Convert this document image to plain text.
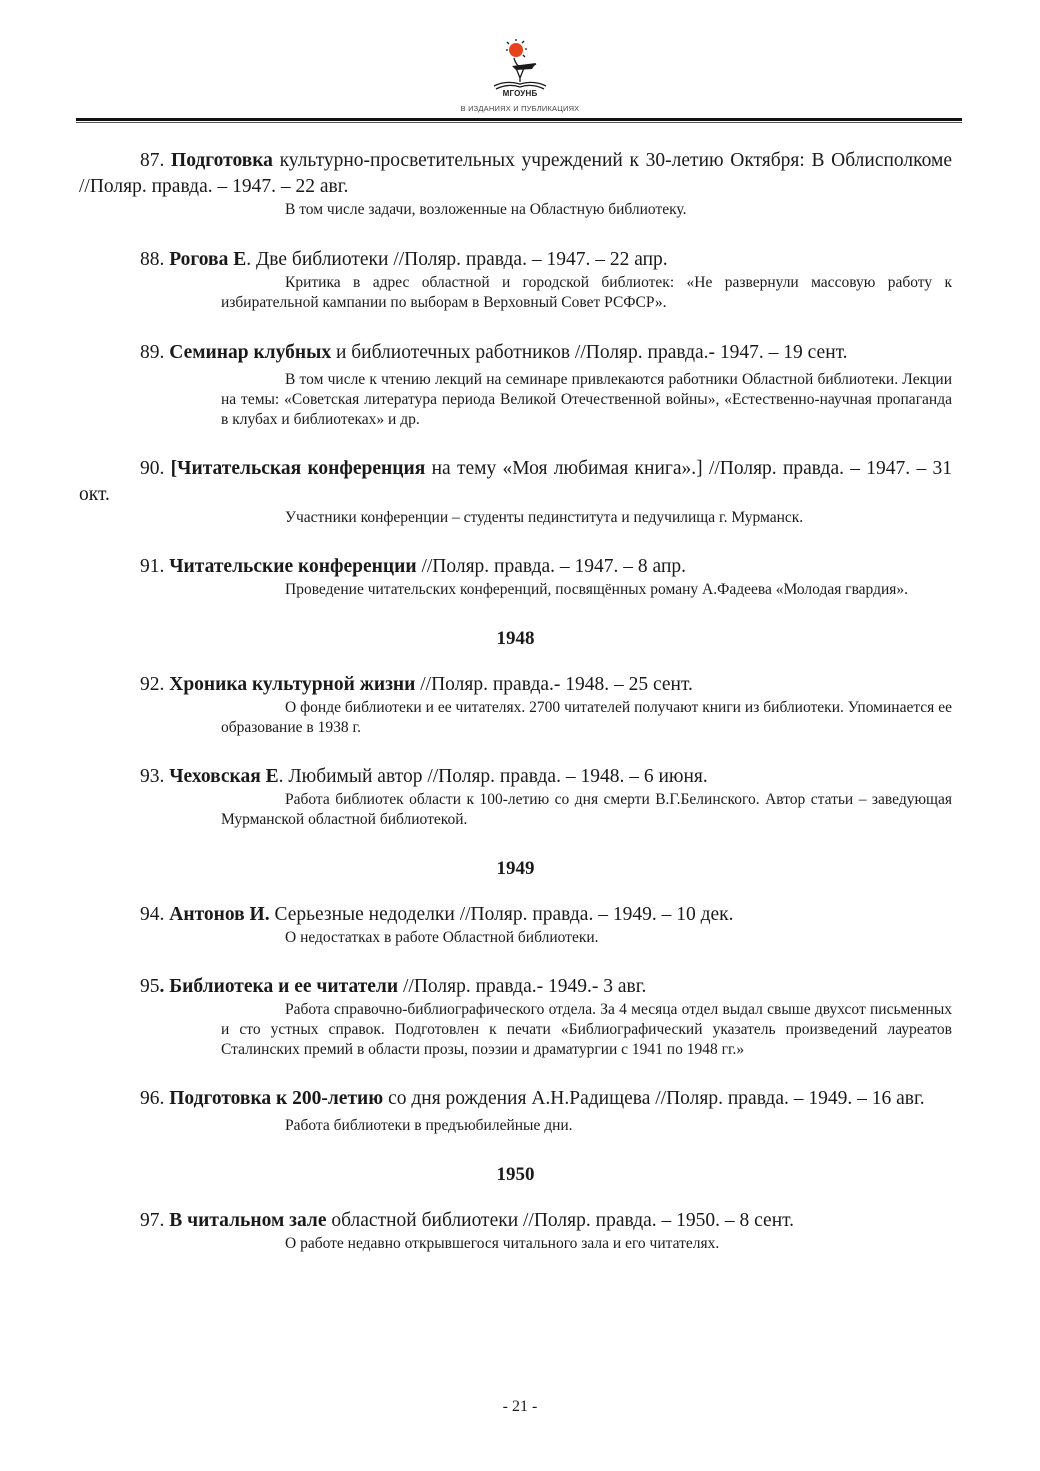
МГОУНБ
В ИЗДАНИЯХ И ПУБЛИКАЦИЯХ

87. Подготовка культурно-просветительных учреждений к 30-летию Октября: В Облисполкоме //Поляр. правда. – 1947. – 22 авг.

В том числе задачи, возложенные на Областную библиотеку.

88. Рогова Е. Две библиотеки //Поляр. правда. – 1947. – 22 апр.

Критика в адрес областной и городской библиотек: «Не развернули массовую работу к избирательной кампании по выборам в Верховный Совет РСФСР».

89. Семинар клубных и библиотечных работников //Поляр. правда.- 1947. – 19 сент.

В том числе к чтению лекций на семинаре привлекаются работники Областной библиотеки. Лекции на темы: «Советская литература периода Великой Отечественной войны», «Естественно-научная пропаганда в клубах и библиотеках» и др.

90. [Читательская конференция на тему «Моя любимая книга».] //Поляр. правда. – 1947. – 31 окт.

Участники конференции – студенты пединститута и педучилища г. Мурманск.

91. Читательские конференции //Поляр. правда. – 1947. – 8 апр.

Проведение читательских конференций, посвящённых роману А.Фадеева «Молодая гвардия».

1948

92. Хроника культурной жизни //Поляр. правда.- 1948. – 25 сент.

О фонде библиотеки и ее читателях. 2700 читателей получают книги из библиотеки. Упоминается ее образование в 1938 г.

93. Чеховская Е. Любимый автор //Поляр. правда. – 1948. – 6 июня.

Работа библиотек области к 100-летию со дня смерти В.Г.Белинского. Автор статьи – заведующая Мурманской областной библиотекой.

1949

94. Антонов И. Серьезные недоделки //Поляр. правда. – 1949. – 10 дек.

О недостатках в работе Областной библиотеки.

95. Библиотека и ее читатели //Поляр. правда.- 1949.- 3 авг.

Работа справочно-библиографического отдела. За 4 месяца отдел выдал свыше двухсот письменных и сто устных справок. Подготовлен к печати «Библиографический указатель произведений лауреатов Сталинских премий в области прозы, поэзии и драматургии с 1941 по 1948 гг.»

96. Подготовка к 200-летию со дня рождения А.Н.Радищева //Поляр. правда. – 1949. – 16 авг.

Работа библиотеки в предъюбилейные дни.

1950

97. В читальном зале областной библиотеки //Поляр. правда. – 1950. – 8 сент.

О работе недавно открывшегося читального зала и его читателях.

- 21 -
